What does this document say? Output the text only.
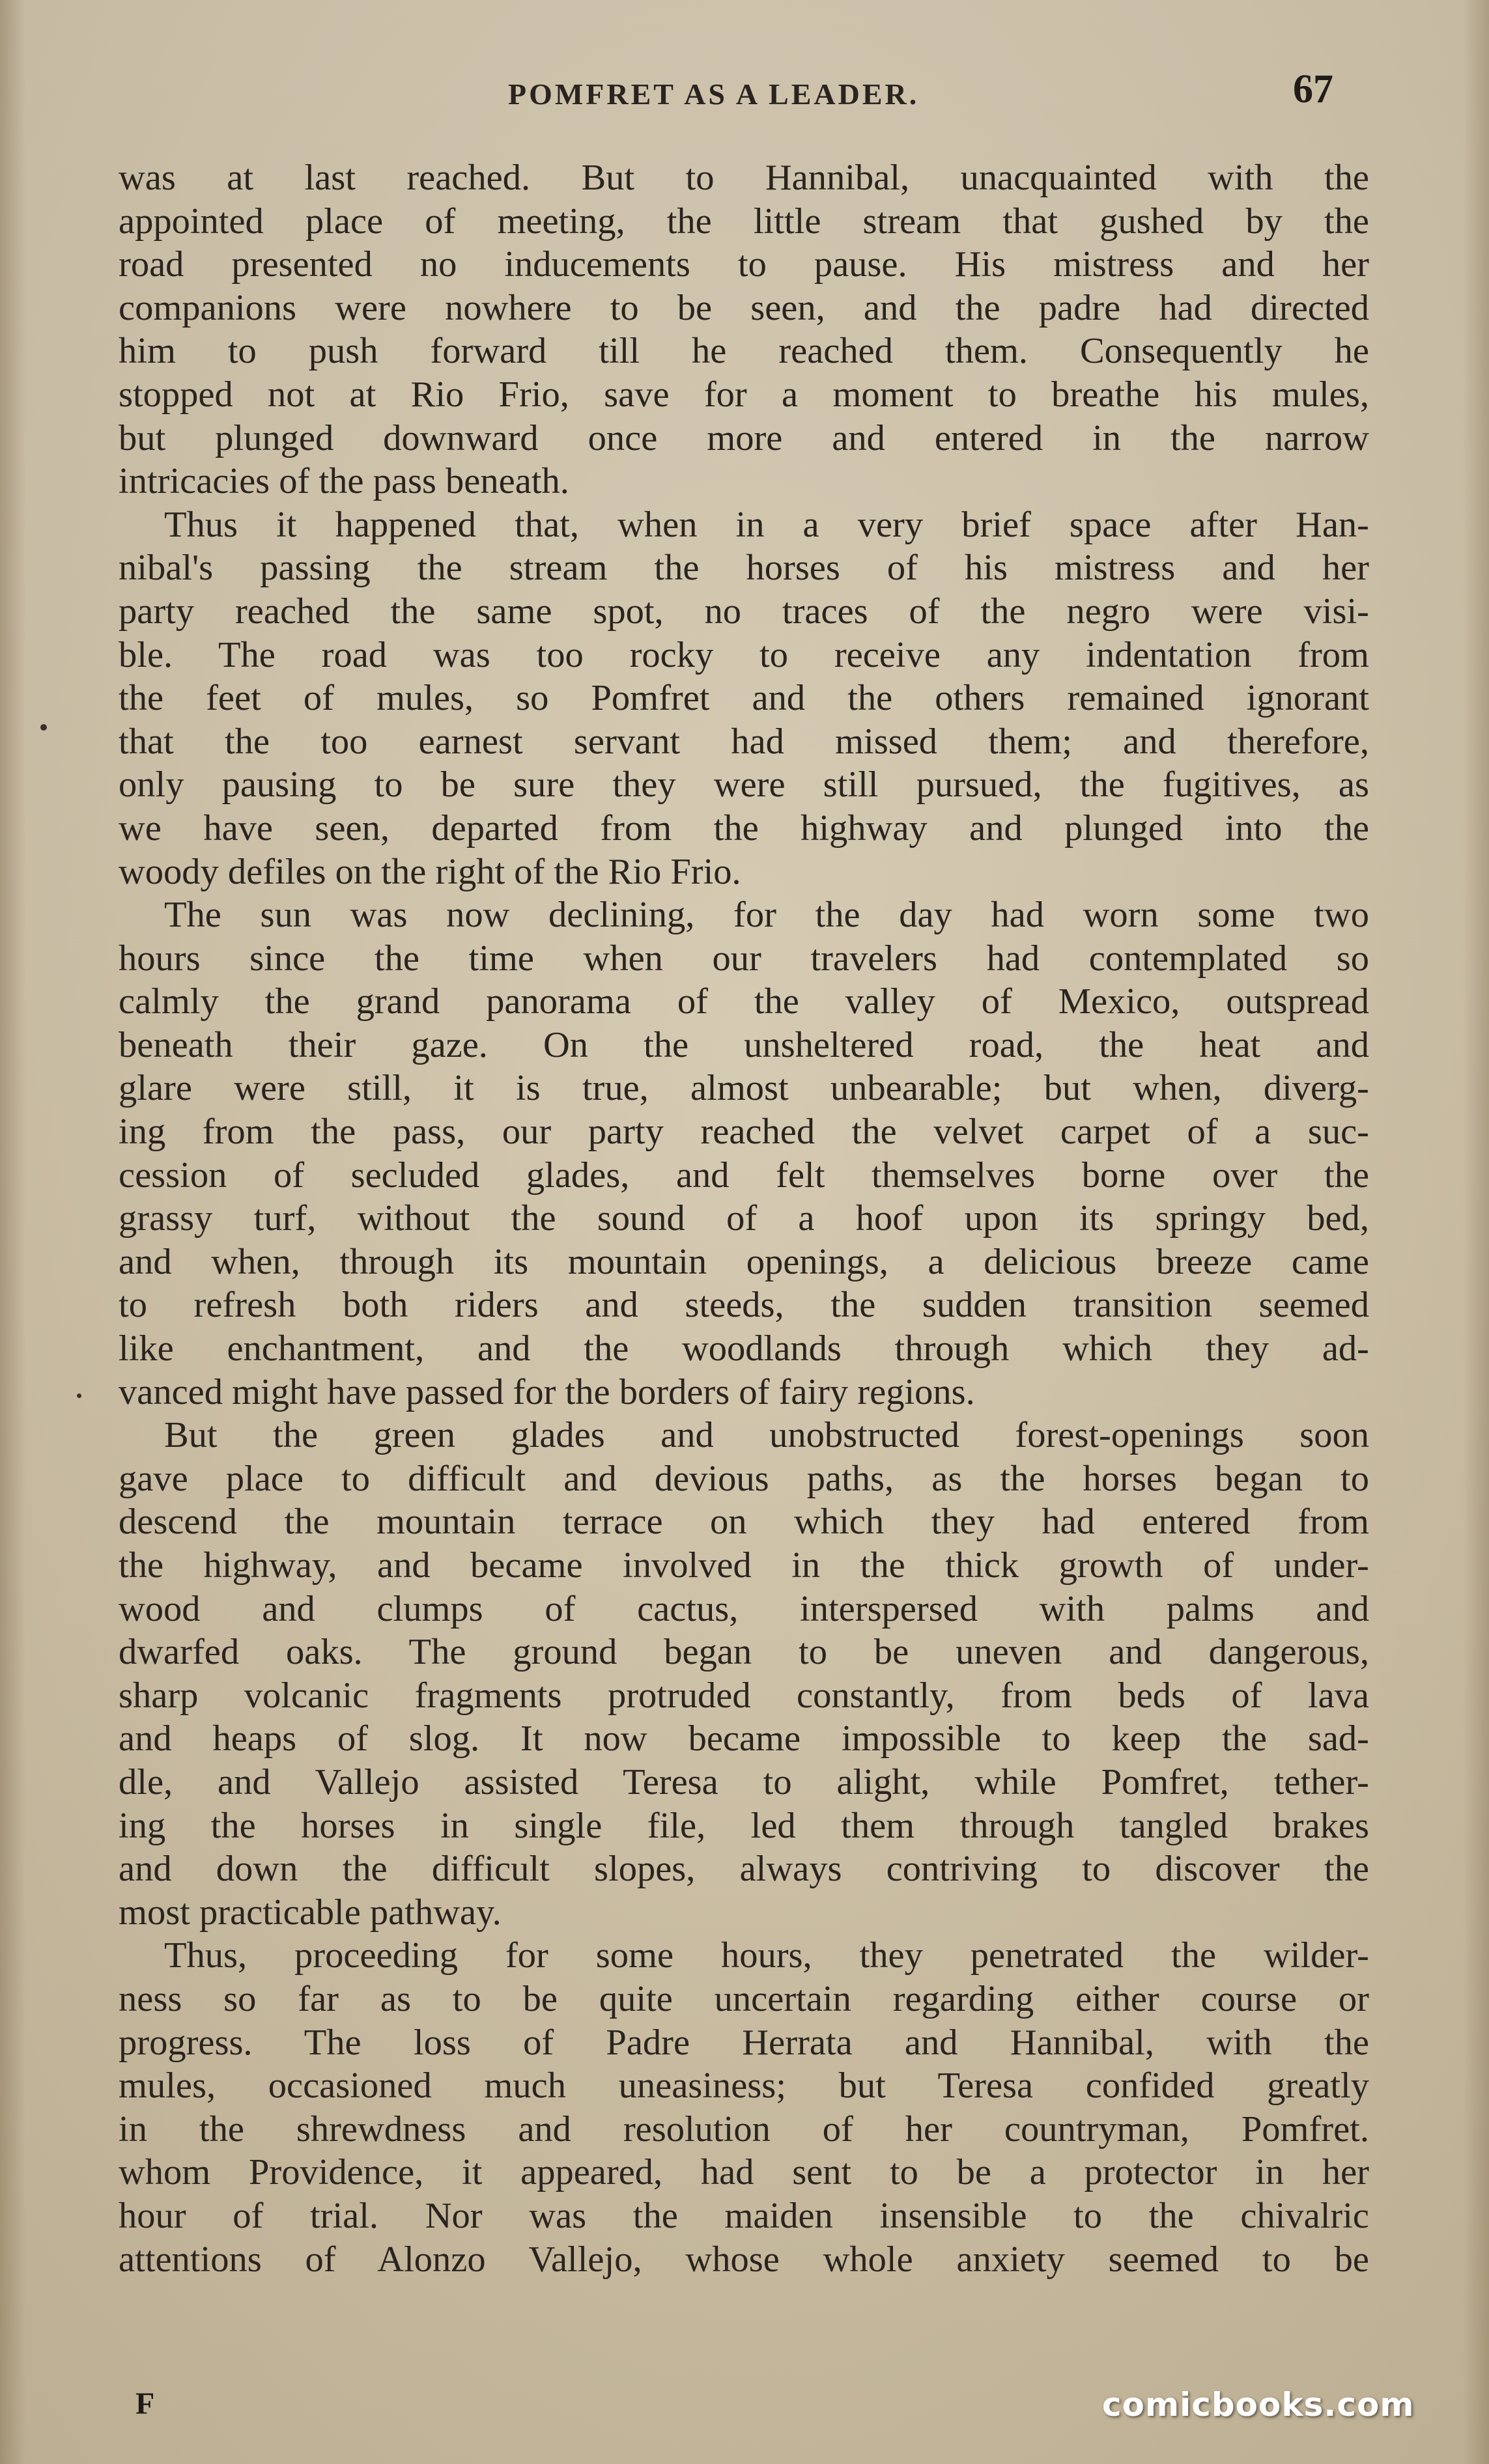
POMFRET AS A LEADER.	67
was at last reached. But to Hannibal, unacquainted with the
appointed place of meeting, the little stream that gushed by the
road presented no inducements to pause. His mistress and her
companions were nowhere to be seen, and the padre had directed
him to push forward till he reached them. Consequently he
stopped not at Rio Frio, save for a moment to breathe his mules,
but plunged downward once more and entered in the narrow
intricacies of the pass beneath.
Thus it happened that, when in a very brief space after Han-
nibal's passing the stream the horses of his mistress and her
party reached the same spot, no traces of the negro were visi-
ble. The road was too rocky to receive any indentation from
the feet of mules, so Pomfret and the others remained ignorant
that the too earnest servant had missed them; and therefore,
only pausing to be sure they were still pursued, the fugitives, as
we have seen, departed from the highway and plunged into the
woody defiles on the right of the Rio Frio.
The sun was now declining, for the day had worn some two
hours since the time when our travelers had contemplated so
calmly the grand panorama of the valley of Mexico, outspread
beneath their gaze. On the unsheltered road, the heat and
glare were still, it is true, almost unbearable; but when, diverg-
ing from the pass, our party reached the velvet carpet of a suc-
cession of secluded glades, and felt themselves borne over the
grassy turf, without the sound of a hoof upon its springy bed,
and when, through its mountain openings, a delicious breeze came
to refresh both riders and steeds, the sudden transition seemed
like enchantment, and the woodlands through which they ad-
vanced might have passed for the borders of fairy regions.
But the green glades and unobstructed forest-openings soon
gave place to difficult and devious paths, as the horses began to
descend the mountain terrace on which they had entered from
the highway, and became involved in the thick growth of under-
wood and clumps of cactus, interspersed with palms and
dwarfed oaks. The ground began to be uneven and dangerous,
sharp volcanic fragments protruded constantly, from beds of lava
and heaps of slog. It now became impossible to keep the sad-
dle, and Vallejo assisted Teresa to alight, while Pomfret, tether-
ing the horses in single file, led them through tangled brakes
and down the difficult slopes, always contriving to discover the
most practicable pathway.
Thus, proceeding for some hours, they penetrated the wilder-
ness so far as to be quite uncertain regarding either course or
progress. The loss of Padre Herrata and Hannibal, with the
mules, occasioned much uneasiness; but Teresa confided greatly
in the shrewdness and resolution of her countryman, Pomfret.
whom Providence, it appeared, had sent to be a protector in her
hour of trial. Nor was the maiden insensible to the chivalric
attentions of Alonzo Vallejo, whose whole anxiety seemed to be
F	comicbooks.com
